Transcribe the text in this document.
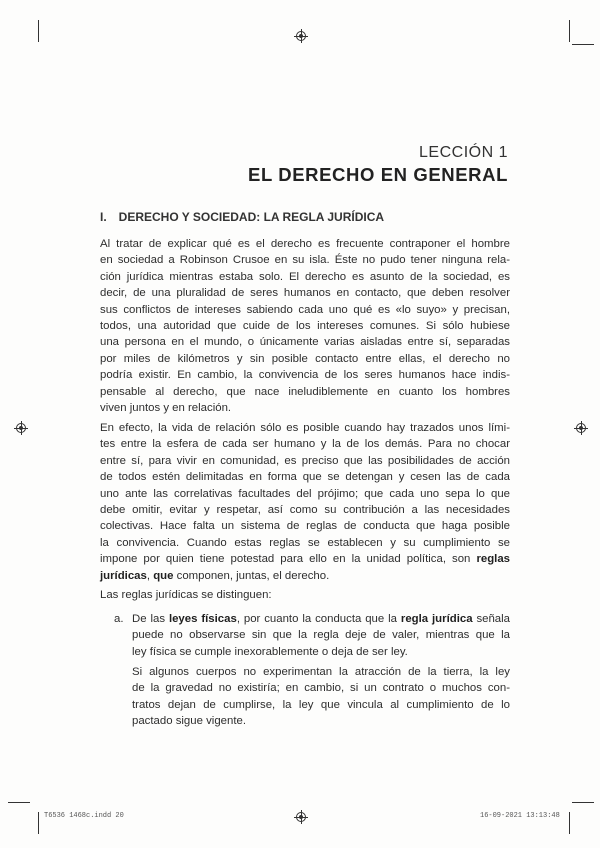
LECCIÓN 1
EL DERECHO EN GENERAL
I. DERECHO Y SOCIEDAD: LA REGLA JURÍDICA
Al tratar de explicar qué es el derecho es frecuente contraponer el hombre
en sociedad a Robinson Crusoe en su isla. Éste no pudo tener ninguna rela-
ción jurídica mientras estaba solo. El derecho es asunto de la sociedad, es
decir, de una pluralidad de seres humanos en contacto, que deben resolver
sus conflictos de intereses sabiendo cada uno qué es «lo suyo» y precisan,
todos, una autoridad que cuide de los intereses comunes. Si sólo hubiese
una persona en el mundo, o únicamente varias aisladas entre sí, separadas
por miles de kilómetros y sin posible contacto entre ellas, el derecho no
podría existir. En cambio, la convivencia de los seres humanos hace indis-
pensable al derecho, que nace ineludiblemente en cuanto los hombres
viven juntos y en relación.
En efecto, la vida de relación sólo es posible cuando hay trazados unos lími-
tes entre la esfera de cada ser humano y la de los demás. Para no chocar
entre sí, para vivir en comunidad, es preciso que las posibilidades de acción
de todos estén delimitadas en forma que se detengan y cesen las de cada
uno ante las correlativas facultades del prójimo; que cada uno sepa lo que
debe omitir, evitar y respetar, así como su contribución a las necesidades
colectivas. Hace falta un sistema de reglas de conducta que haga posible
la convivencia. Cuando estas reglas se establecen y su cumplimiento se
impone por quien tiene potestad para ello en la unidad política, son reglas
jurídicas, que componen, juntas, el derecho.
Las reglas jurídicas se distinguen:
a. De las leyes físicas, por cuanto la conducta que la regla jurídica señala
puede no observarse sin que la regla deje de valer, mientras que la
ley física se cumple inexorablemente o deja de ser ley.
Si algunos cuerpos no experimentan la atracción de la tierra, la ley
de la gravedad no existiría; en cambio, si un contrato o muchos con-
tratos dejan de cumplirse, la ley que vincula al cumplimiento de lo
pactado sigue vigente.
T6536 1468c.indd 20	16-09-2021 13:13:48
